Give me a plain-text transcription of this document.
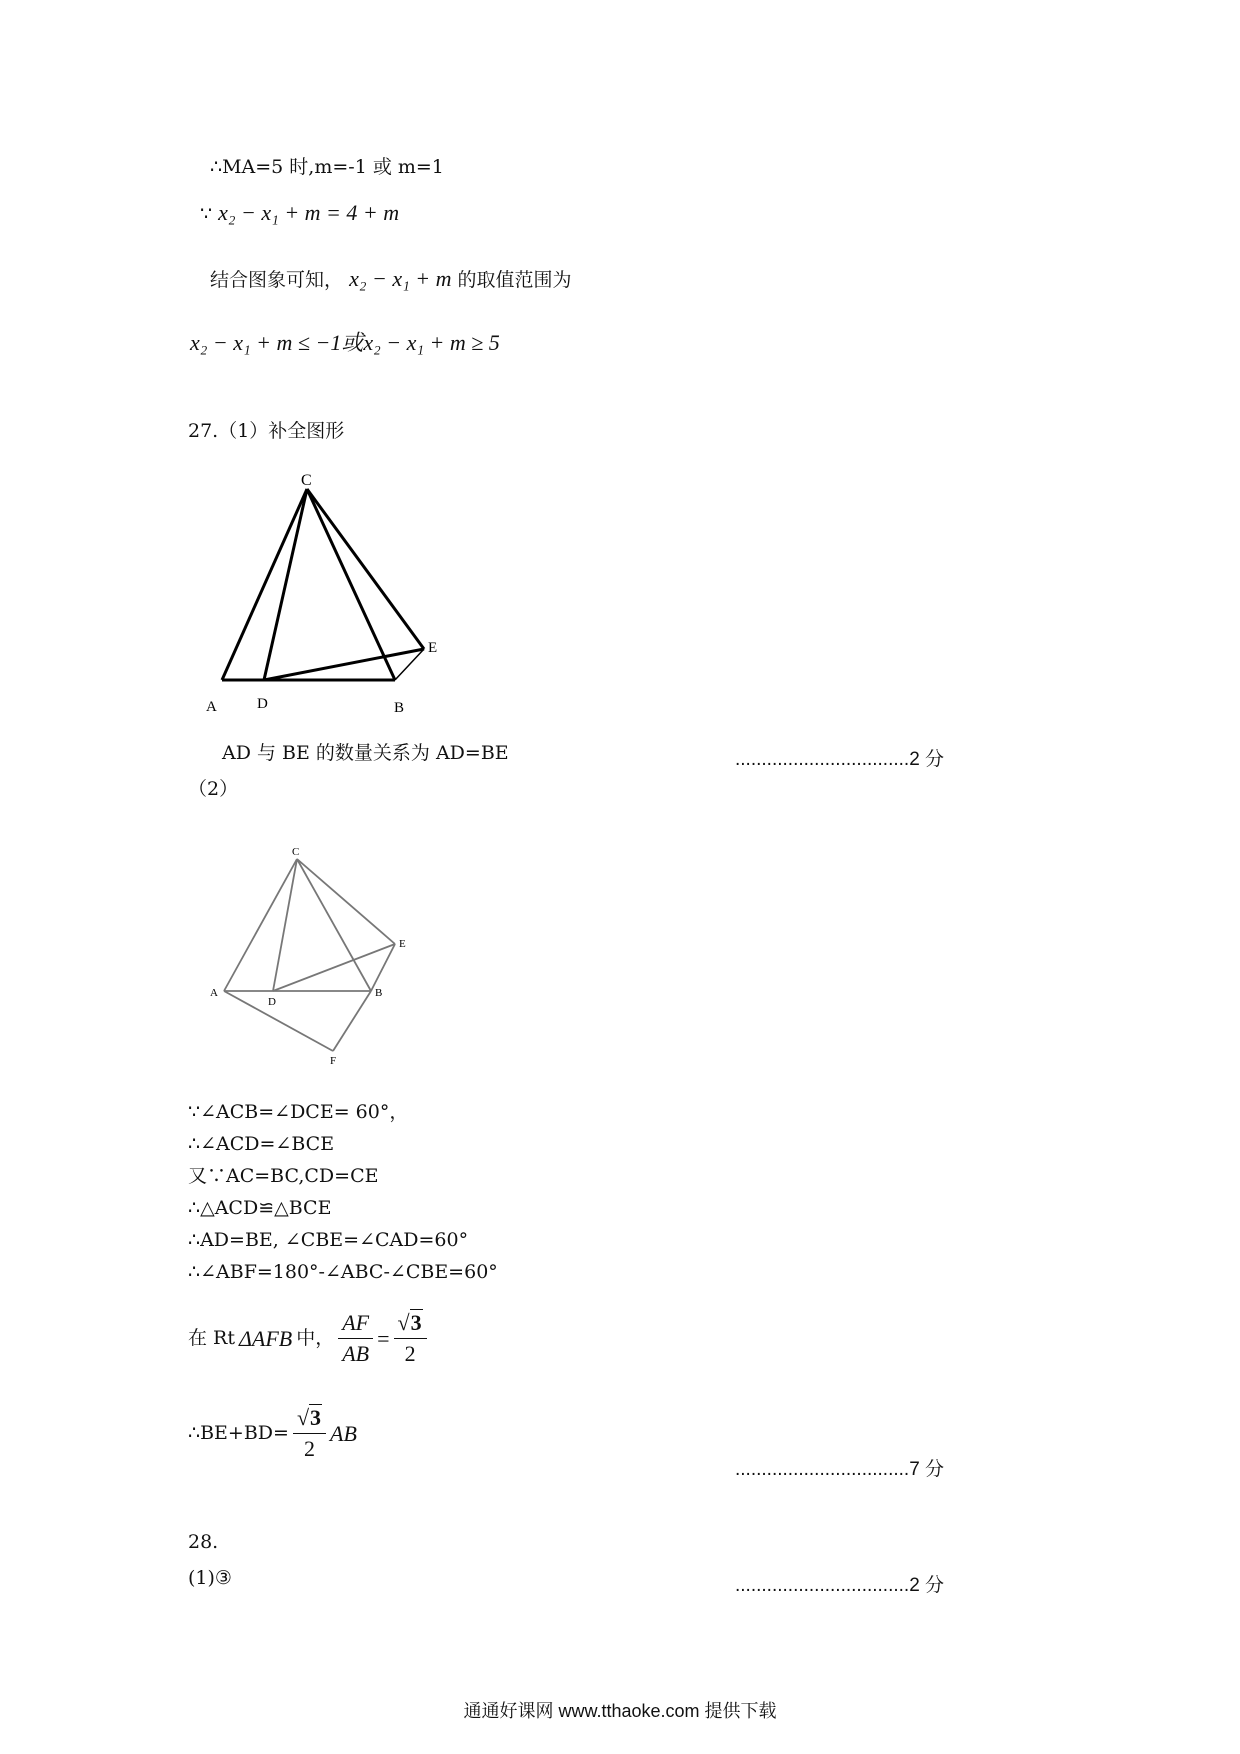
∴MA=5 时,m=-1 或 m=1
∵ x₂ − x₁ + m = 4 + m
结合图象可知， x₂ − x₁ + m 的取值范围为
x₂ − x₁ + m ≤ −1或x₂ − x₁ + m ≥ 5
27.（1）补全图形
C
E
A	D	B
AD 与 BE 的数量关系为 AD=BE	.................................2 分
（2）
C
E
A
D
B
F
∵∠ACB=∠DCE= 60°，
∴∠ACD=∠BCE
又∵AC=BC,CD=CE
∴△ACD≌△BCE
∴AD=BE, ∠CBE=∠CAD=60°
∴∠ABF=180°-∠ABC-∠CBE=60°
在 Rt ΔAFB 中， $\frac{AF}{AB} = \frac{√3}{2}$
∴BE+BD= $\frac{√3}{2}$ AB
.................................7 分
28.
(1)③	.................................2 分
通通好课网 www.tthaoke.com 提供下载
